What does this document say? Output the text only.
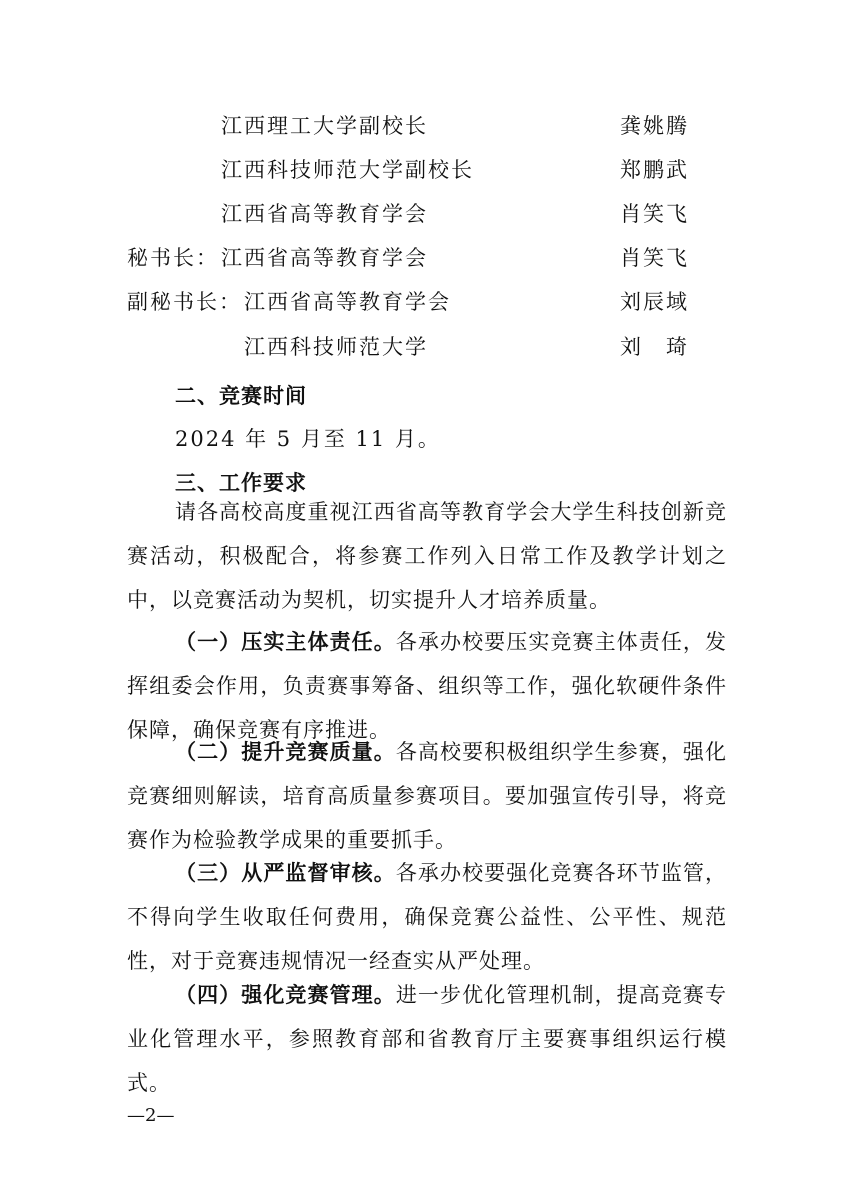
江西理工大学副校长	龚姚腾
江西科技师范大学副校长	郑鹏武
江西省高等教育学会	肖笑飞
秘书长： 江西省高等教育学会	肖笑飞
副秘书长： 江西省高等教育学会	刘辰域
江西科技师范大学	刘　琦
二、竞赛时间
2024 年 5 月至 11 月。
三、工作要求

请各高校高度重视江西省高等教育学会大学生科技创新竞赛活动，积极配合，将参赛工作列入日常工作及教学计划之中，以竞赛活动为契机，切实提升人才培养质量。

（一）压实主体责任。各承办校要压实竞赛主体责任，发挥组委会作用，负责赛事筹备、组织等工作，强化软硬件条件保障，确保竞赛有序推进。

（二）提升竞赛质量。各高校要积极组织学生参赛，强化竞赛细则解读，培育高质量参赛项目。要加强宣传引导，将竞赛作为检验教学成果的重要抓手。

（三）从严监督审核。各承办校要强化竞赛各环节监管，不得向学生收取任何费用，确保竞赛公益性、公平性、规范性，对于竞赛违规情况一经查实从严处理。

（四）强化竞赛管理。进一步优化管理机制，提高竞赛专业化管理水平，参照教育部和省教育厅主要赛事组织运行模式。

—2—
